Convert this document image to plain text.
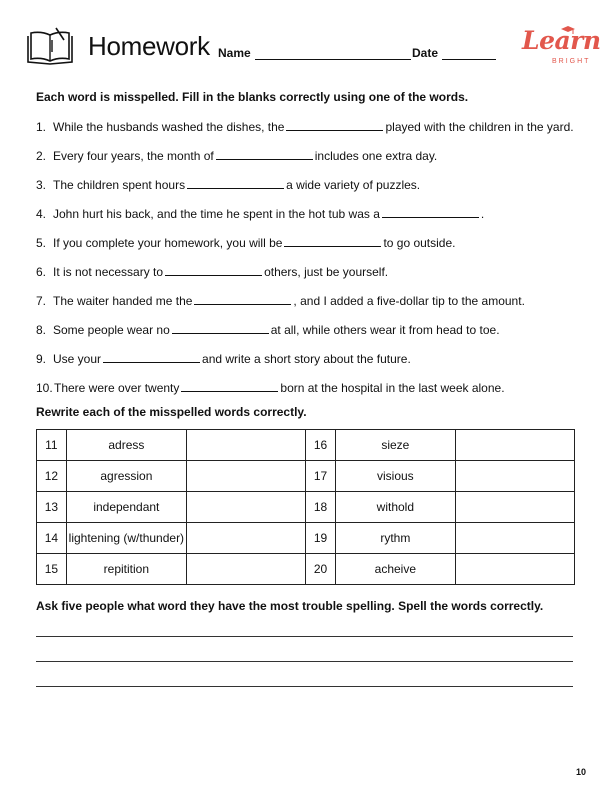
Homework Name	Date	Learn
BRIGHT
Each word is misspelled. Fill in the blanks correctly using one of the words.
1. While the husbands washed the dishes, the	played with the children in the yard.
2. Every four years, the month of	includes one extra day.
3. The children spent hours	a wide variety of puzzles.
4. John hurt his back, and the time he spent in the hot tub was a	.
5. If you complete your homework, you will be	to go outside.
6. It is not necessary to	others, just be yourself.
7. The waiter handed me the	, and I added a five-dollar tip to the amount.
8. Some people wear no	at all, while others wear it from head to toe.
9. Use your	and write a short story about the future.
10.There were over twenty	born at the hospital in the last week alone.
Rewrite each of the misspelled words correctly.
11	adress		16	sieze	
12	agression		17	visious	
13	independant		18	withold	
14	lightening (w/thunder)		19	rythm	
15	repitition		20	acheive	
Ask five people what word they have the most trouble spelling. Spell the words correctly.
10
